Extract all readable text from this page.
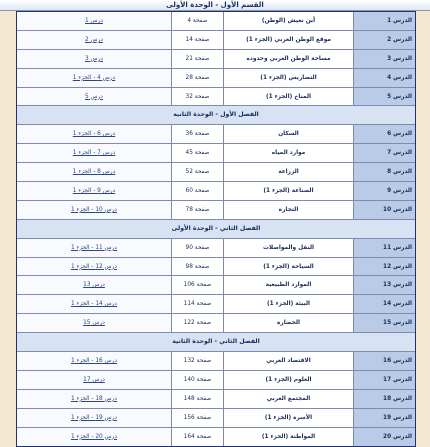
القسم الأول - الوحدة الأولى
الدرس 1
أين نعيش (الوطن)
صفحة 4
درس 1
الدرس 2
موقع الوطن العربي (الجزء 1)
صفحة 14
درس 2
الدرس 3
مساحة الوطن العربي وحدوده
صفحة 21
درس 3
الدرس 4
التضاريس (الجزء 1)
صفحة 28
درس 4 - الجزء 1
الدرس 5
المناخ (الجزء 1)
صفحة 32
درس 5
الفصل الأول - الوحدة الثانية
الدرس 6
السكان
صفحة 36
درس 6 - الجزء 1
الدرس 7
موارد المياه
صفحة 45
درس 7 - الجزء 1
الدرس 8
الزراعة
صفحة 52
درس 8 - الجزء 1
الدرس 9
الصناعة (الجزء 1)
صفحة 60
درس 9 - الجزء 1
الدرس 10
التجارة
صفحة 78
درس 10 - الجزء 1
الفصل الثاني - الوحدة الأولى
الدرس 11
النقل والمواصلات
صفحة 90
درس 11 - الجزء 1
الدرس 12
السياحة (الجزء 1)
صفحة 98
درس 12 - الجزء 1
الدرس 13
الموارد الطبيعية
صفحة 106
درس 13
الدرس 14
البيئة (الجزء 1)
صفحة 114
درس 14 - الجزء 1
الدرس 15
الحضارة
صفحة 122
درس 15
الفصل الثاني - الوحدة الثانية
الدرس 16
الاقتصاد العربي
صفحة 132
درس 16 - الجزء 1
الدرس 17
العلوم (الجزء 1)
صفحة 140
درس 17
الدرس 18
المجتمع العربي
صفحة 148
درس 18 - الجزء 1
الدرس 19
الأسرة (الجزء 1)
صفحة 156
درس 19 - الجزء 1
الدرس 20
المواطنة (الجزء 1)
صفحة 164
درس 20 - الجزء 1
